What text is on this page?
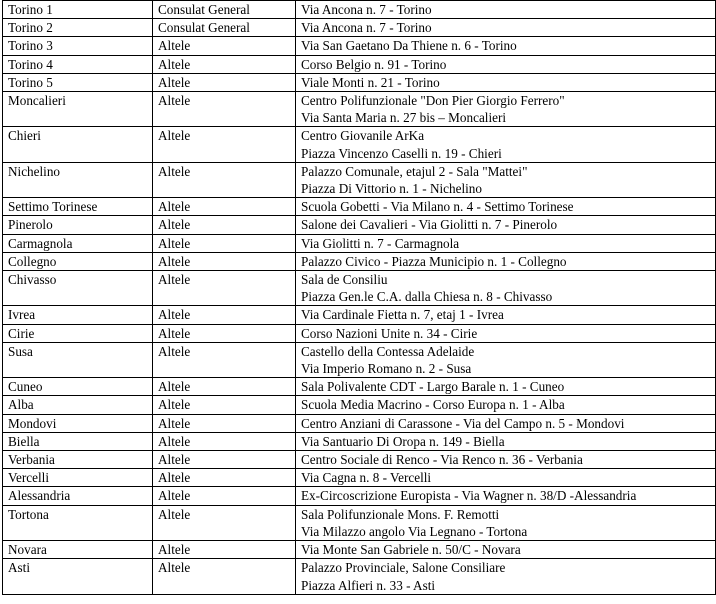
Torino 1	Consulat General	Via Ancona n. 7 - Torino

Torino 2	Consulat General	Via Ancona n. 7 - Torino

Torino 3	Altele	Via San Gaetano Da Thiene n. 6 - Torino

Torino 4	Altele	Corso Belgio n. 91 - Torino

Torino 5	Altele	Viale Monti n. 21 - Torino

Moncalieri	Altele	Centro Polifunzionale "Don Pier Giorgio Ferrero"
Via Santa Maria n. 27 bis – Moncalieri

Chieri	Altele	Centro Giovanile ArKa
Piazza Vincenzo Caselli n. 19 - Chieri

Nichelino	Altele	Palazzo Comunale, etajul 2 - Sala "Mattei"
Piazza Di Vittorio n. 1 - Nichelino

Settimo Torinese	Altele	Scuola Gobetti - Via Milano n. 4 - Settimo Torinese

Pinerolo	Altele	Salone dei Cavalieri - Via Giolitti n. 7 - Pinerolo

Carmagnola	Altele	Via Giolitti n. 7 - Carmagnola

Collegno	Altele	Palazzo Civico - Piazza Municipio n. 1 - Collegno

Chivasso	Altele	Sala de Consiliu
Piazza Gen.le C.A. dalla Chiesa n. 8 - Chivasso

Ivrea	Altele	Via Cardinale Fietta n. 7, etaj 1 - Ivrea

Cirie	Altele	Corso Nazioni Unite n. 34 - Cirie

Susa	Altele	Castello della Contessa Adelaide
Via Imperio Romano n. 2 - Susa

Cuneo	Altele	Sala Polivalente CDT - Largo Barale n. 1 - Cuneo

Alba	Altele	Scuola Media Macrino - Corso Europa n. 1 - Alba

Mondovi	Altele	Centro Anziani di Carassone - Via del Campo n. 5 - Mondovi

Biella	Altele	Via Santuario Di Oropa n. 149 - Biella

Verbania	Altele	Centro Sociale di Renco - Via Renco n. 36 - Verbania

Vercelli	Altele	Via Cagna n. 8 - Vercelli

Alessandria	Altele	Ex-Circoscrizione Europista - Via Wagner n. 38/D -Alessandria

Tortona	Altele	Sala Polifunzionale Mons. F. Remotti
Via Milazzo angolo Via Legnano - Tortona

Novara	Altele	Via Monte San Gabriele n. 50/C - Novara

Asti	Altele	Palazzo Provinciale, Salone Consiliare
Piazza Alfieri n. 33 - Asti
